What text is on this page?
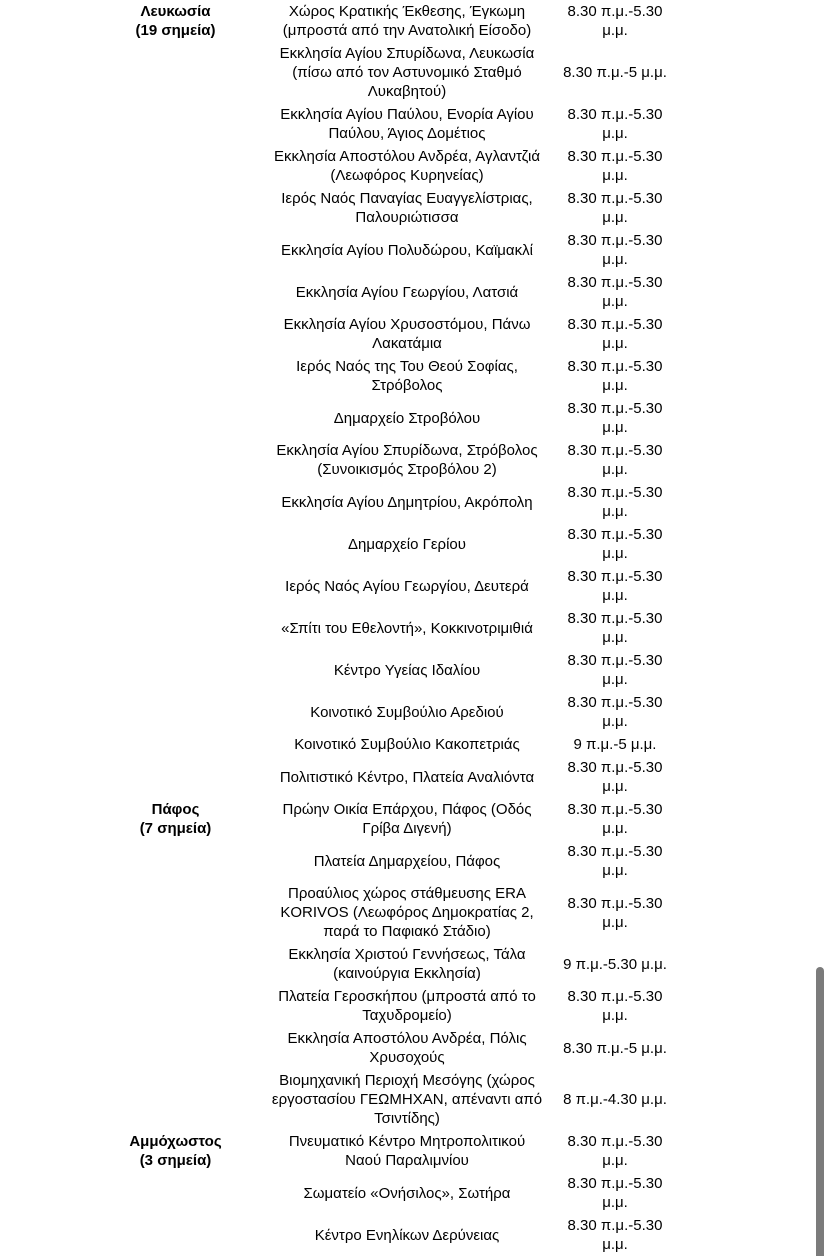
Λευκωσία
(19 σημεία)	Χώρος Κρατικής Έκθεσης, Έγκωμη (μπροστά από την Ανατολική Είσοδο)	8.30 π.μ.-5.30 μ.μ.
	Εκκλησία Αγίου Σπυρίδωνα, Λευκωσία (πίσω από τον Αστυνομικό Σταθμό Λυκαβητού)	8.30 π.μ.-5 μ.μ.
	Εκκλησία Αγίου Παύλου, Ενορία Αγίου Παύλου, Άγιος Δομέτιος	8.30 π.μ.-5.30 μ.μ.
	Εκκλησία Αποστόλου Ανδρέα, Αγλαντζιά (Λεωφόρος Κυρηνείας)	8.30 π.μ.-5.30 μ.μ.
	Ιερός Ναός Παναγίας Ευαγγελίστριας, Παλουριώτισσα	8.30 π.μ.-5.30 μ.μ.
	Εκκλησία Αγίου Πολυδώρου, Καϊμακλί	8.30 π.μ.-5.30 μ.μ.
	Εκκλησία Αγίου Γεωργίου, Λατσιά	8.30 π.μ.-5.30 μ.μ.
	Εκκλησία Αγίου Χρυσοστόμου, Πάνω Λακατάμια	8.30 π.μ.-5.30 μ.μ.
	Ιερός Ναός της Του Θεού Σοφίας, Στρόβολος	8.30 π.μ.-5.30 μ.μ.
	Δημαρχείο Στροβόλου	8.30 π.μ.-5.30 μ.μ.
	Εκκλησία Αγίου Σπυρίδωνα, Στρόβολος (Συνοικισμός Στροβόλου 2)	8.30 π.μ.-5.30 μ.μ.
	Εκκλησία Αγίου Δημητρίου, Ακρόπολη	8.30 π.μ.-5.30 μ.μ.
	Δημαρχείο Γερίου	8.30 π.μ.-5.30 μ.μ.
	Ιερός Ναός Αγίου Γεωργίου, Δευτερά	8.30 π.μ.-5.30 μ.μ.
	«Σπίτι του Εθελοντή», Κοκκινοτριμιθιά	8.30 π.μ.-5.30 μ.μ.
	Κέντρο Υγείας Ιδαλίου	8.30 π.μ.-5.30 μ.μ.
	Κοινοτικό Συμβούλιο Αρεδιού	8.30 π.μ.-5.30 μ.μ.
	Κοινοτικό Συμβούλιο Κακοπετριάς	9 π.μ.-5 μ.μ.
	Πολιτιστικό Κέντρο, Πλατεία Αναλιόντα	8.30 π.μ.-5.30 μ.μ.

Πάφος
(7 σημεία)	Πρώην Οικία Επάρχου, Πάφος (Οδός Γρίβα Διγενή)	8.30 π.μ.-5.30 μ.μ.
	Πλατεία Δημαρχείου, Πάφος	8.30 π.μ.-5.30 μ.μ.
	Προαύλιος χώρος στάθμευσης ERA KORIVOS (Λεωφόρος Δημοκρατίας 2, παρά το Παφιακό Στάδιο)	8.30 π.μ.-5.30 μ.μ.
	Εκκλησία Χριστού Γεννήσεως, Τάλα (καινούργια Εκκλησία)	9 π.μ.-5.30 μ.μ.
	Πλατεία Γεροσκήπου (μπροστά από το Ταχυδρομείο)	8.30 π.μ.-5.30 μ.μ.
	Εκκλησία Αποστόλου Ανδρέα, Πόλις Χρυσοχούς	8.30 π.μ.-5 μ.μ.
	Βιομηχανική Περιοχή Μεσόγης (χώρος εργοστασίου ΓΕΩΜΗΧΑΝ, απέναντι από Τσιντίδης)	8 π.μ.-4.30 μ.μ.

Αμμόχωστος
(3 σημεία)	Πνευματικό Κέντρο Μητροπολιτικού Ναού Παραλιμνίου	8.30 π.μ.-5.30 μ.μ.
	Σωματείο «Ονήσιλος», Σωτήρα	8.30 π.μ.-5.30 μ.μ.
	Κέντρο Ενηλίκων Δερύνειας	8.30 π.μ.-5.30 μ.μ.
